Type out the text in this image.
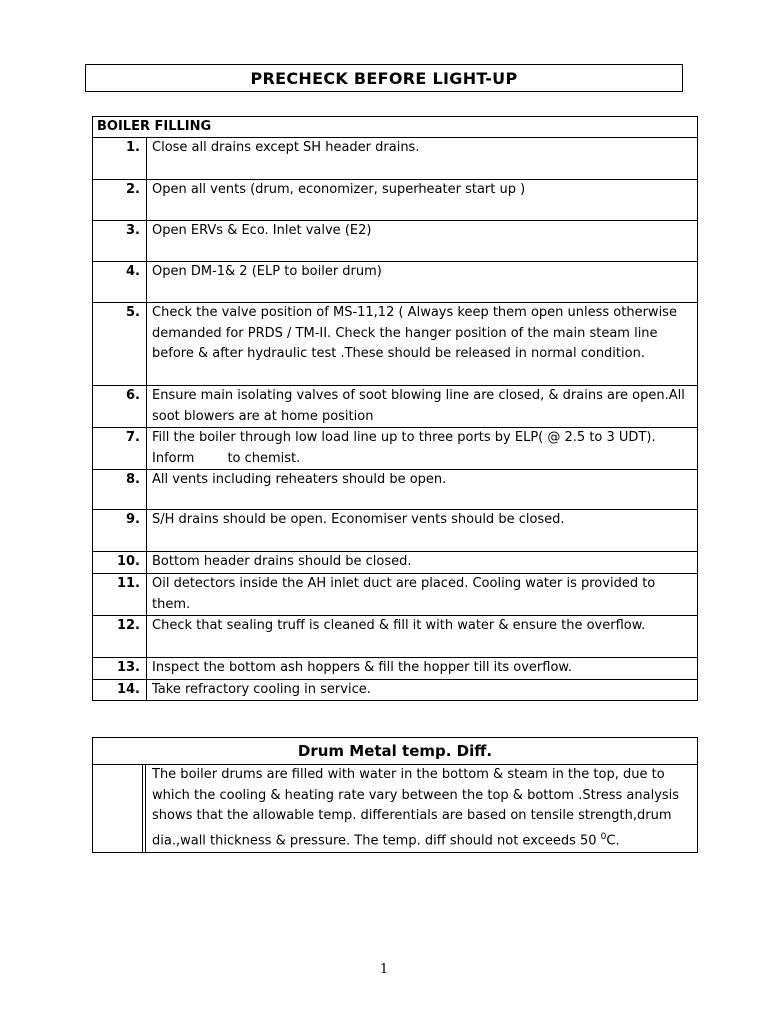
PRECHECK BEFORE LIGHT-UP
BOILER FILLING	
1.	Close all drains except SH header drains.
2.	Open all vents (drum, economizer, superheater start up )
3.	Open ERVs & Eco. Inlet valve (E2)
4.	Open DM-1& 2 (ELP to boiler drum)
5.	Check the valve position of MS-11,12 ( Always keep them open unless otherwise demanded for PRDS / TM-II. Check the hanger position of the main steam line before & after hydraulic test .These should be released in normal condition.
6.	Ensure main isolating valves of soot blowing line are closed, & drains are open.All soot blowers are at home position
7.	Fill the boiler through low load line up to three ports by ELP( @ 2.5 to 3 UDT). Inform        to chemist.
8.	All vents including reheaters should be open.
9.	S/H drains should be open. Economiser vents should be closed.
10.	Bottom header drains should be closed.
11.	Oil detectors inside the AH inlet duct are placed. Cooling water is provided to them.
12.	Check that sealing truff is cleaned & fill it with water & ensure the overflow.
13.	Inspect the bottom ash hoppers & fill the hopper till its overflow.
14.	Take refractory cooling in service.
Drum Metal temp. Diff.
		The boiler drums are filled with water in the bottom & steam in the top, due to which the cooling & heating rate vary between the top & bottom .Stress analysis shows that the allowable temp. differentials are based on tensile strength,drum dia.,wall thickness & pressure. The temp. diff should not exceeds 50 $^0$C.
1
